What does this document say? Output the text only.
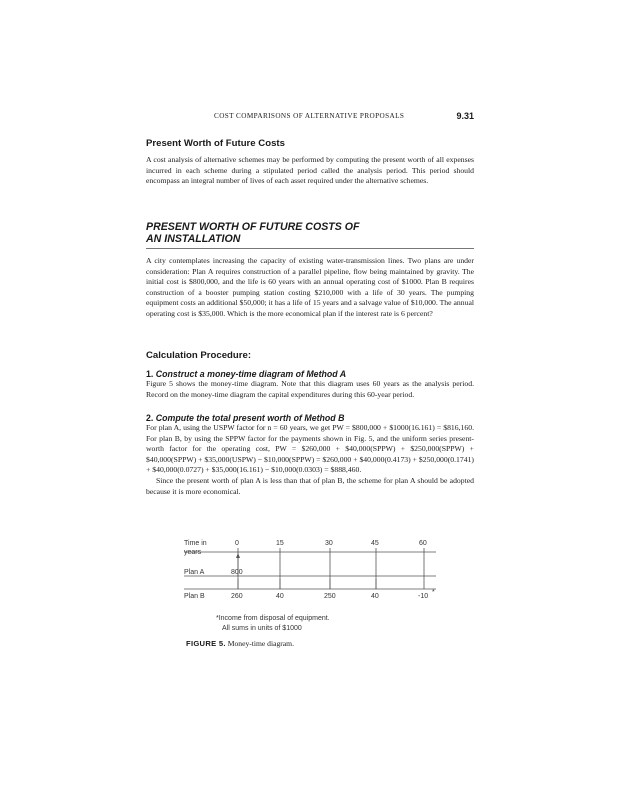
COST COMPARISONS OF ALTERNATIVE PROPOSALS	9.31
Present Worth of Future Costs

A cost analysis of alternative schemes may be performed by computing the present worth of all expenses incurred in each scheme during a stipulated period called the analysis period. This period should encompass an integral number of lives of each asset required under the alternative schemes.

PRESENT WORTH OF FUTURE COSTS OF
AN INSTALLATION

A city contemplates increasing the capacity of existing water-transmission lines. Two plans are under consideration: Plan A requires construction of a parallel pipeline, flow being maintained by gravity. The initial cost is $800,000, and the life is 60 years with an annual operating cost of $1000. Plan B requires construction of a booster pumping station costing $210,000 with a life of 30 years. The pumping equipment costs an additional $50,000; it has a life of 15 years and a salvage value of $10,000. The annual operating cost is $35,000. Which is the more economical plan if the interest rate is 6 percent?

Calculation Procedure:
1. Construct a money-time diagram of Method A

Figure 5 shows the money-time diagram. Note that this diagram uses 60 years as the analysis period. Record on the money-time diagram the capital expenditures during this 60-year period.

2. Compute the total present worth of Method B

For plan A, using the USPW factor for n = 60 years, we get PW = $800,000 + $1000(16.161) = $816,160. For plan B, by using the SPPW factor for the payments shown in Fig. 5, and the uniform series present-worth factor for the operating cost, PW = $260,000 + $40,000(SPPW) + $250,000(SPPW) + $40,000(SPPW) + $35,000(USPW) − $10,000(SPPW) = $260,000 + $40,000(0.4173) + $250,000(0.1741) + $40,000(0.0727) + $35,000(16.161) − $10,000(0.0303) = $888,460.

Since the present worth of plan A is less than that of plan B, the scheme for plan A should be adopted because it is more economical.

Time in
years
0	15	30	45	60
Plan A	800
Plan B	260	40	250	40	-10
*
*Income from disposal of equipment.
All sums in units of $1000
FIGURE 5. Money-time diagram.
